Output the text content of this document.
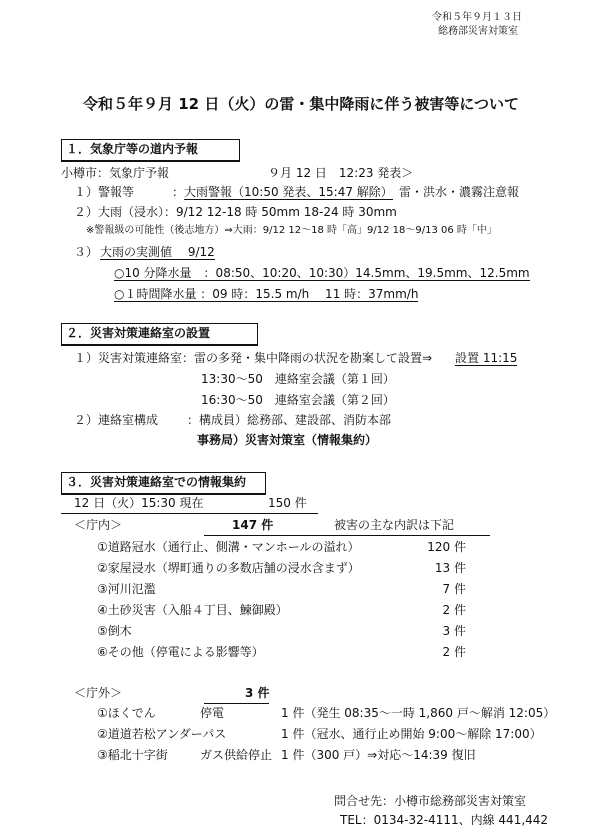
令和５年９月１３日
総務部災害対策室
令和５年９月 12 日（火）の雷・集中降雨に伴う被害等について
１．気象庁等の道内予報
小樽市：気象庁予報	９月 12 日　12:23 発表＞
１）警報等	： 大雨警報（10:50 発表、15:47 解除） 雷・洪水・濃霧注意報
２）大雨（浸水）：9/12 12-18 時 50mm 18-24 時 30mm
※警報級の可能性（後志地方）⇒大雨：9/12 12～18 時「高」9/12 18～9/13 06 時「中」
３） 大雨の実測値　 9/12
○10 分降水量　：08:50、10:20、10:30）14.5mm、19.5mm、12.5mm
○１時間降水量 ：09 時：15.5 m/h　 11 時：37mm/h
２．災害対策連絡室の設置
１）災害対策連絡室：雷の多発・集中降雨の状況を勘案して設置⇒ 設置 11:15
13:30～50　連絡室会議（第１回）
16:30～50　連絡室会議（第２回）
２）連絡室構成 ：構成員）総務部、建設部、消防本部
事務局）災害対策室（情報集約）
３．災害対策連絡室での情報集約
12 日（火）15:30 現在	150 件
＜庁内＞	147 件	被害の主な内訳は下記
①道路冠水（通行止、側溝・マンホールの溢れ）	120 件
②家屋浸水（堺町通りの多数店舗の浸水含まず）	13 件
③河川氾濫	7 件
④土砂災害（入船４丁目、鰊御殿）	2 件
⑤倒木	3 件
⑥その他（停電による影響等）	2 件
＜庁外＞	3 件
①ほくでん	停電	1 件（発生 08:35～一時 1,860 戸～解消 12:05）
②道道若松アンダーパス	1 件（冠水、通行止め開始 9:00～解除 17:00）
③稲北十字街	ガス供給停止 1 件（300 戸）⇒対応～14:39 復旧
問合せ先：小樽市総務部災害対策室
TEL：0134-32-4111、内線 441,442
